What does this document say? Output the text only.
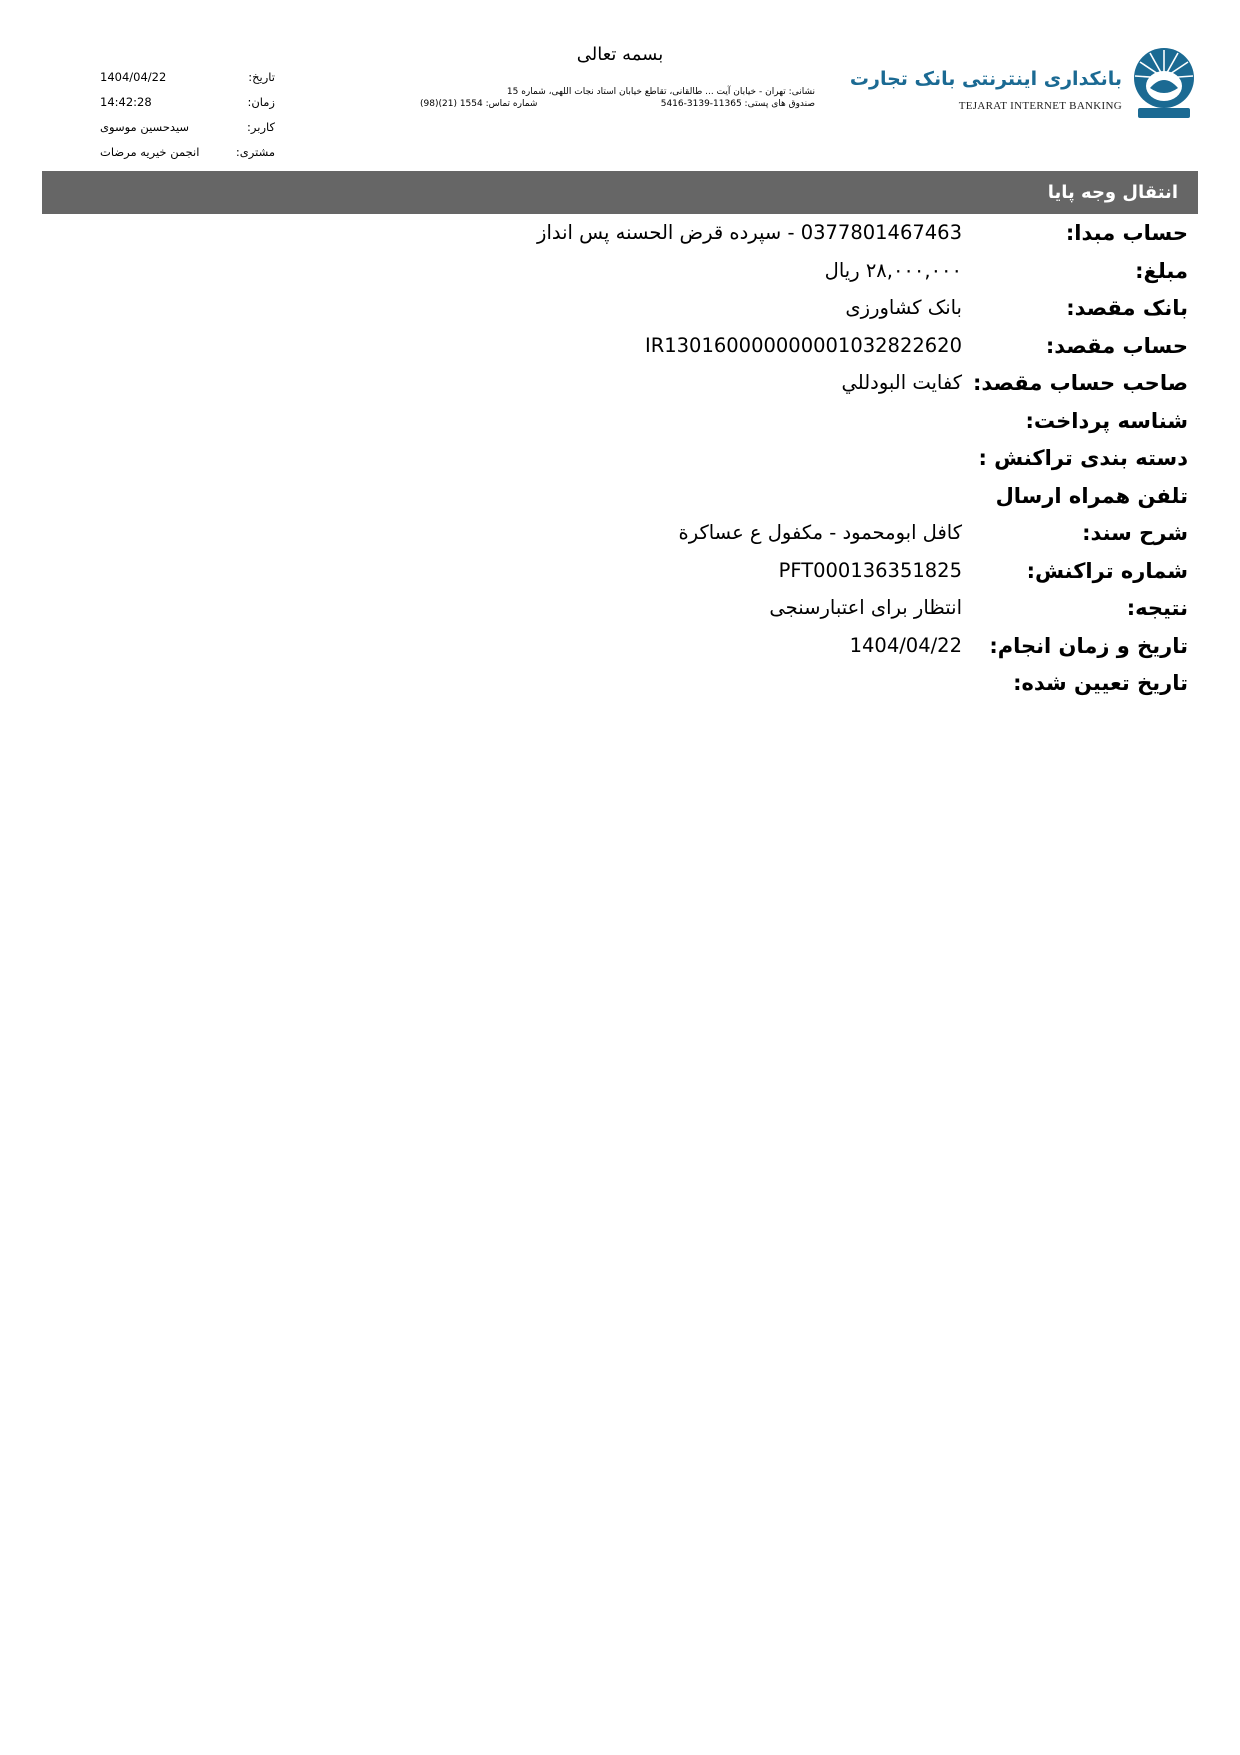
بانکداری اینترنتی بانک تجارت
TEJARAT INTERNET BANKING
بسمه تعالی
نشانی: تهران - خیابان آیت ... طالقانی، تقاطع خیابان استاد نجات اللهی، شماره 15
صندوق های پستی: 11365-3139-5416
شماره تماس: 1554 (21)(98)
تاریخ:
1404/04/22
زمان:
14:42:28
کاربر:
سیدحسین موسوی
مشتری:
انجمن خیریه مرضات
انتقال وجه پایا
حساب مبدا:
0377801467463 - سپرده قرض الحسنه پس انداز
مبلغ:
۲۸,۰۰۰,۰۰۰ ریال
بانک مقصد:
بانک کشاورزی
حساب مقصد:
IR130160000000001032822620
صاحب حساب مقصد:
کفایت البودللي
شناسه پرداخت:
دسته بندی تراکنش :
تلفن همراه ارسال
شرح سند:
کافل ابومحمود - مکفول ع عساکرة
شماره تراکنش:
PFT000136351825
نتیجه:
انتظار برای اعتبارسنجی
تاریخ و زمان انجام:
1404/04/22
تاریخ تعیین شده:
